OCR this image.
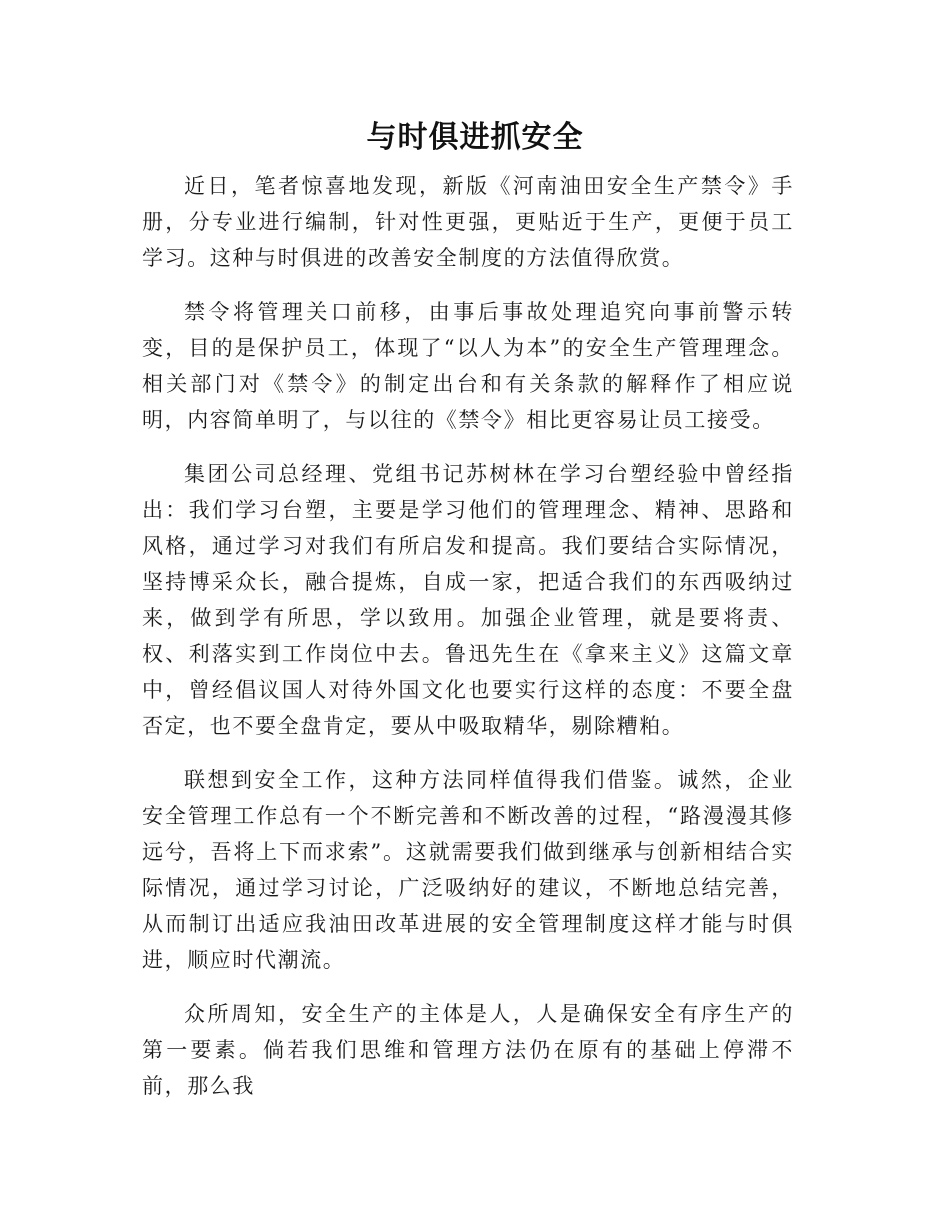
与时俱进抓安全

近日，笔者惊喜地发现，新版《河南油田安全生产禁令》手册，分专业进行编制，针对性更强，更贴近于生产，更便于员工学习。这种与时俱进的改善安全制度的方法值得欣赏。

禁令将管理关口前移，由事后事故处理追究向事前警示转变，目的是保护员工，体现了“以人为本”的安全生产管理理念。相关部门对《禁令》的制定出台和有关条款的解释作了相应说明，内容简单明了，与以往的《禁令》相比更容易让员工接受。

集团公司总经理、党组书记苏树林在学习台塑经验中曾经指出：我们学习台塑，主要是学习他们的管理理念、精神、思路和风格，通过学习对我们有所启发和提高。我们要结合实际情况，坚持博采众长，融合提炼，自成一家，把适合我们的东西吸纳过来，做到学有所思，学以致用。加强企业管理，就是要将责、权、利落实到工作岗位中去。鲁迅先生在《拿来主义》这篇文章中，曾经倡议国人对待外国文化也要实行这样的态度：不要全盘否定，也不要全盘肯定，要从中吸取精华，剔除糟粕。

联想到安全工作，这种方法同样值得我们借鉴。诚然，企业安全管理工作总有一个不断完善和不断改善的过程，“路漫漫其修远兮，吾将上下而求索”。这就需要我们做到继承与创新相结合实际情况，通过学习讨论，广泛吸纳好的建议，不断地总结完善，从而制订出适应我油田改革进展的安全管理制度这样才能与时俱进，顺应时代潮流。

众所周知，安全生产的主体是人，人是确保安全有序生产的第一要素。倘若我们思维和管理方法仍在原有的基础上停滞不前，那么我
